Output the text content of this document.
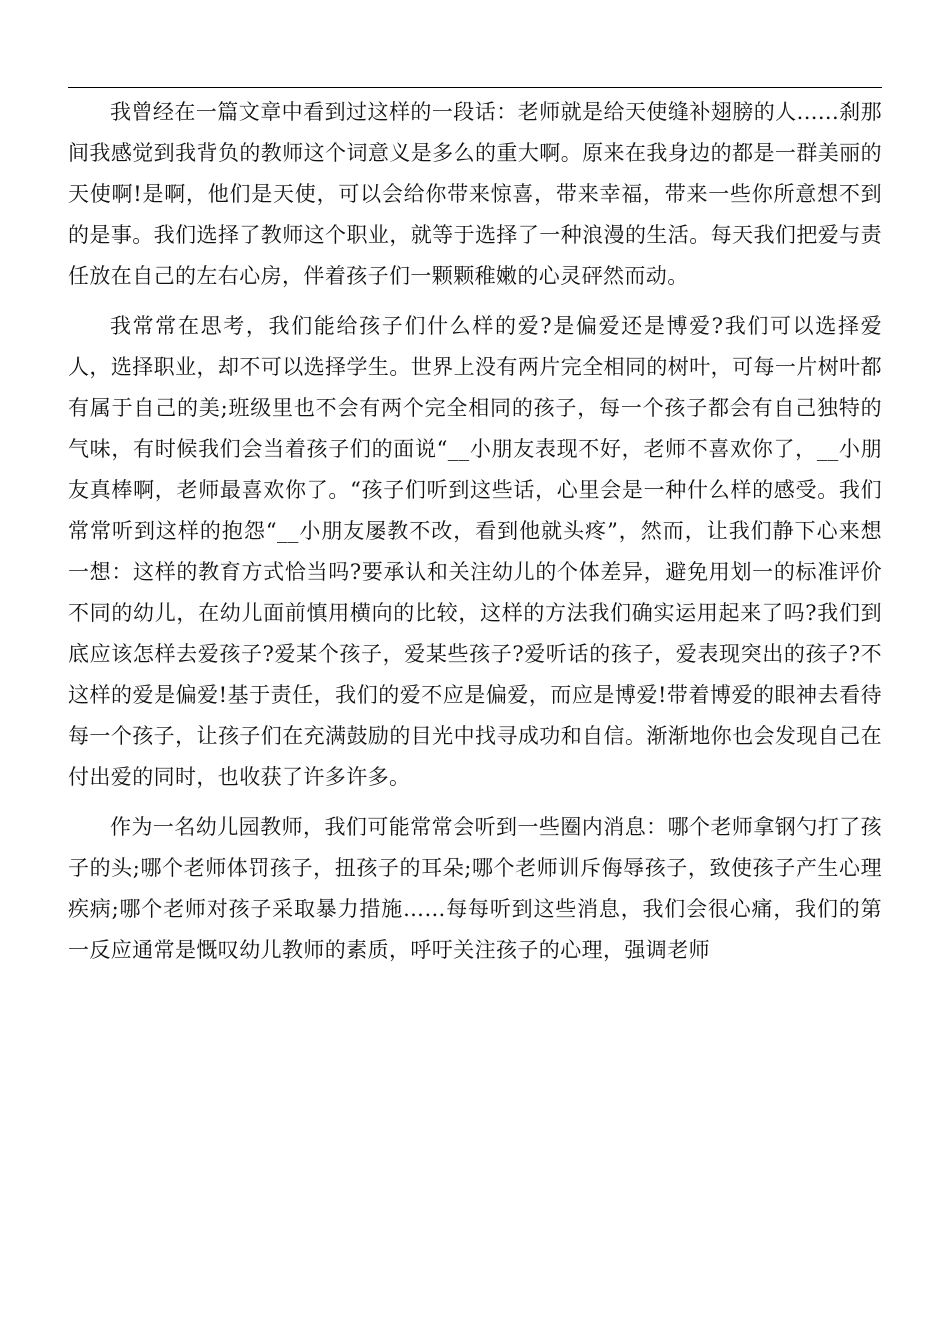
我曾经在一篇文章中看到过这样的一段话：老师就是给天使缝补翅膀的人......刹那间我感觉到我背负的教师这个词意义是多么的重大啊。原来在我身边的都是一群美丽的天使啊!是啊，他们是天使，可以会给你带来惊喜，带来幸福，带来一些你所意想不到的是事。我们选择了教师这个职业，就等于选择了一种浪漫的生活。每天我们把爱与责任放在自己的左右心房，伴着孩子们一颗颗稚嫩的心灵砰然而动。

我常常在思考，我们能给孩子们什么样的爱?是偏爱还是博爱?我们可以选择爱人，选择职业，却不可以选择学生。世界上没有两片完全相同的树叶，可每一片树叶都有属于自己的美;班级里也不会有两个完全相同的孩子，每一个孩子都会有自己独特的气味，有时候我们会当着孩子们的面说“__小朋友表现不好，老师不喜欢你了，__小朋友真棒啊，老师最喜欢你了。“孩子们听到这些话，心里会是一种什么样的感受。我们常常听到这样的抱怨“__小朋友屡教不改，看到他就头疼”，然而，让我们静下心来想一想：这样的教育方式恰当吗?要承认和关注幼儿的个体差异，避免用划一的标准评价不同的幼儿，在幼儿面前慎用横向的比较，这样的方法我们确实运用起来了吗?我们到底应该怎样去爱孩子?爱某个孩子，爱某些孩子?爱听话的孩子，爱表现突出的孩子?不这样的爱是偏爱!基于责任，我们的爱不应是偏爱，而应是博爱!带着博爱的眼神去看待每一个孩子，让孩子们在充满鼓励的目光中找寻成功和自信。渐渐地你也会发现自己在付出爱的同时，也收获了许多许多。

作为一名幼儿园教师，我们可能常常会听到一些圈内消息：哪个老师拿钢勺打了孩子的头;哪个老师体罚孩子，扭孩子的耳朵;哪个老师训斥侮辱孩子，致使孩子产生心理疾病;哪个老师对孩子采取暴力措施……每每听到这些消息，我们会很心痛，我们的第一反应通常是慨叹幼儿教师的素质，呼吁关注孩子的心理，强调老师
